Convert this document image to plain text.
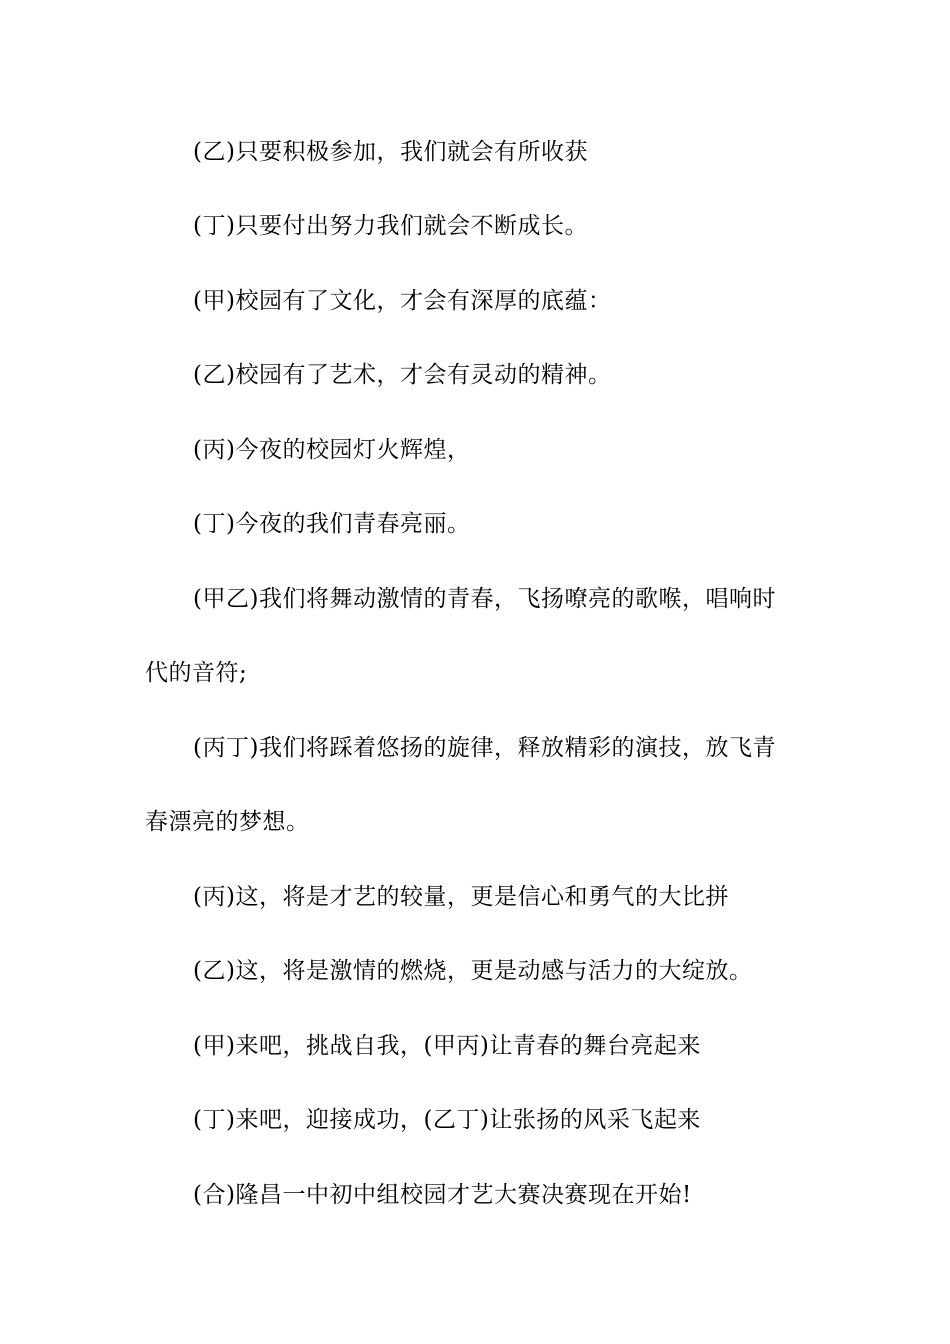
(乙)只要积极参加，我们就会有所收获
(丁)只要付出努力我们就会不断成长。
(甲)校园有了文化，才会有深厚的底蕴：
(乙)校园有了艺术，才会有灵动的精神。
(丙)今夜的校园灯火辉煌，
(丁)今夜的我们青春亮丽。
(甲乙)我们将舞动激情的青春，飞扬嘹亮的歌喉，唱响时
代的音符;
(丙丁)我们将踩着悠扬的旋律，释放精彩的演技，放飞青
春漂亮的梦想。
(丙)这，将是才艺的较量，更是信心和勇气的大比拼
(乙)这，将是激情的燃烧，更是动感与活力的大绽放。
(甲)来吧，挑战自我，(甲丙)让青春的舞台亮起来
(丁)来吧，迎接成功，(乙丁)让张扬的风采飞起来
(合)隆昌一中初中组校园才艺大赛决赛现在开始!
